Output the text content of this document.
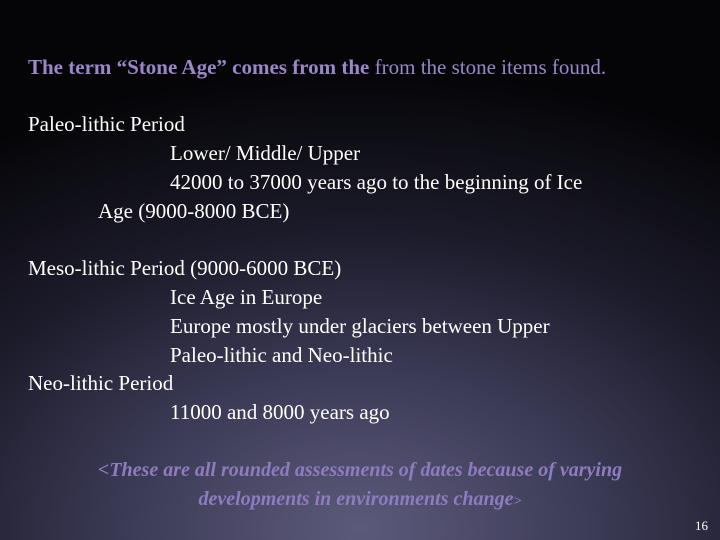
The term “Stone Age” comes from the from the stone items found.
Paleo-lithic Period
Lower/ Middle/ Upper
42000 to 37000 years ago to the beginning of Ice
Age (9000-8000 BCE)
Meso-lithic Period (9000-6000 BCE)
Ice Age in Europe
Europe mostly under glaciers between Upper
Paleo-lithic and Neo-lithic
Neo-lithic Period
11000 and 8000 years ago
<These are all rounded assessments of dates because of varying
developments in environments change>
16
